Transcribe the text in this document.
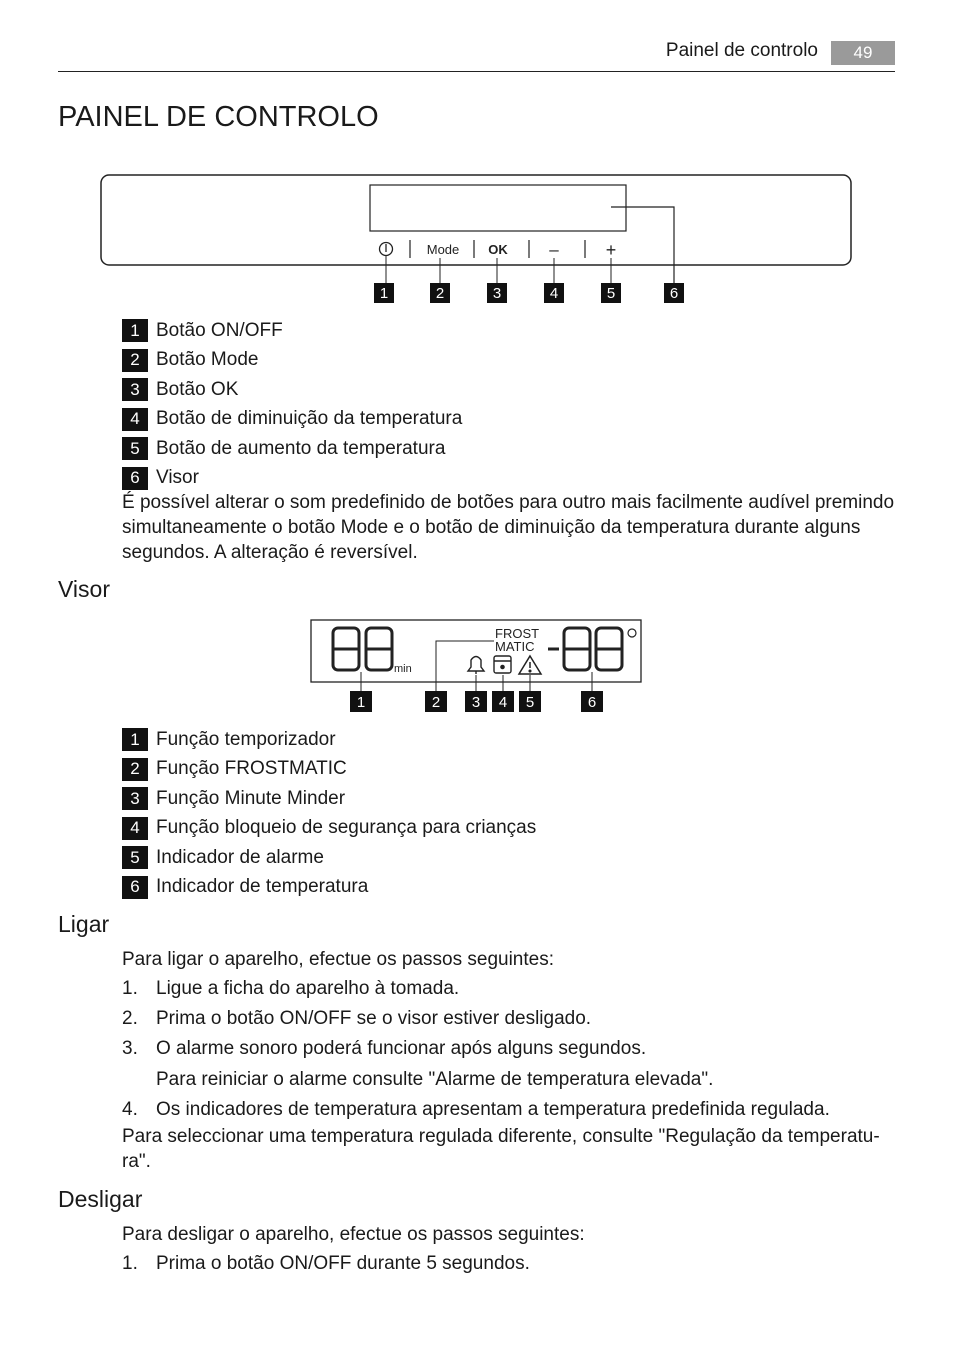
Painel de controlo	49
PAINEL DE CONTROLO
Mode OK –	+
1	2	3	4	5	6
1 Botão ON/OFF
2 Botão Mode
3 Botão OK
4 Botão de diminuição da temperatura
5 Botão de aumento da temperatura
6 Visor
É possível alterar o som predefinido de botões para outro mais facilmente audível premindo simultaneamente o botão Mode e o botão de diminuição da temperatura durante alguns segundos. A alteração é reversível.
Visor
min
FROST
MATIC
1	2 3 4 5	6
1 Função temporizador
2 Função FROSTMATIC
3 Função Minute Minder
4 Função bloqueio de segurança para crianças
5 Indicador de alarme
6 Indicador de temperatura
Ligar
Para ligar o aparelho, efectue os passos seguintes:
1. Ligue a ficha do aparelho à tomada.
2. Prima o botão ON/OFF se o visor estiver desligado.
3. O alarme sonoro poderá funcionar após alguns segundos.
Para reiniciar o alarme consulte "Alarme de temperatura elevada".
4. Os indicadores de temperatura apresentam a temperatura predefinida regulada.
Para seleccionar uma temperatura regulada diferente, consulte "Regulação da temperatu-ra".
Desligar
Para desligar o aparelho, efectue os passos seguintes:
1. Prima o botão ON/OFF durante 5 segundos.
